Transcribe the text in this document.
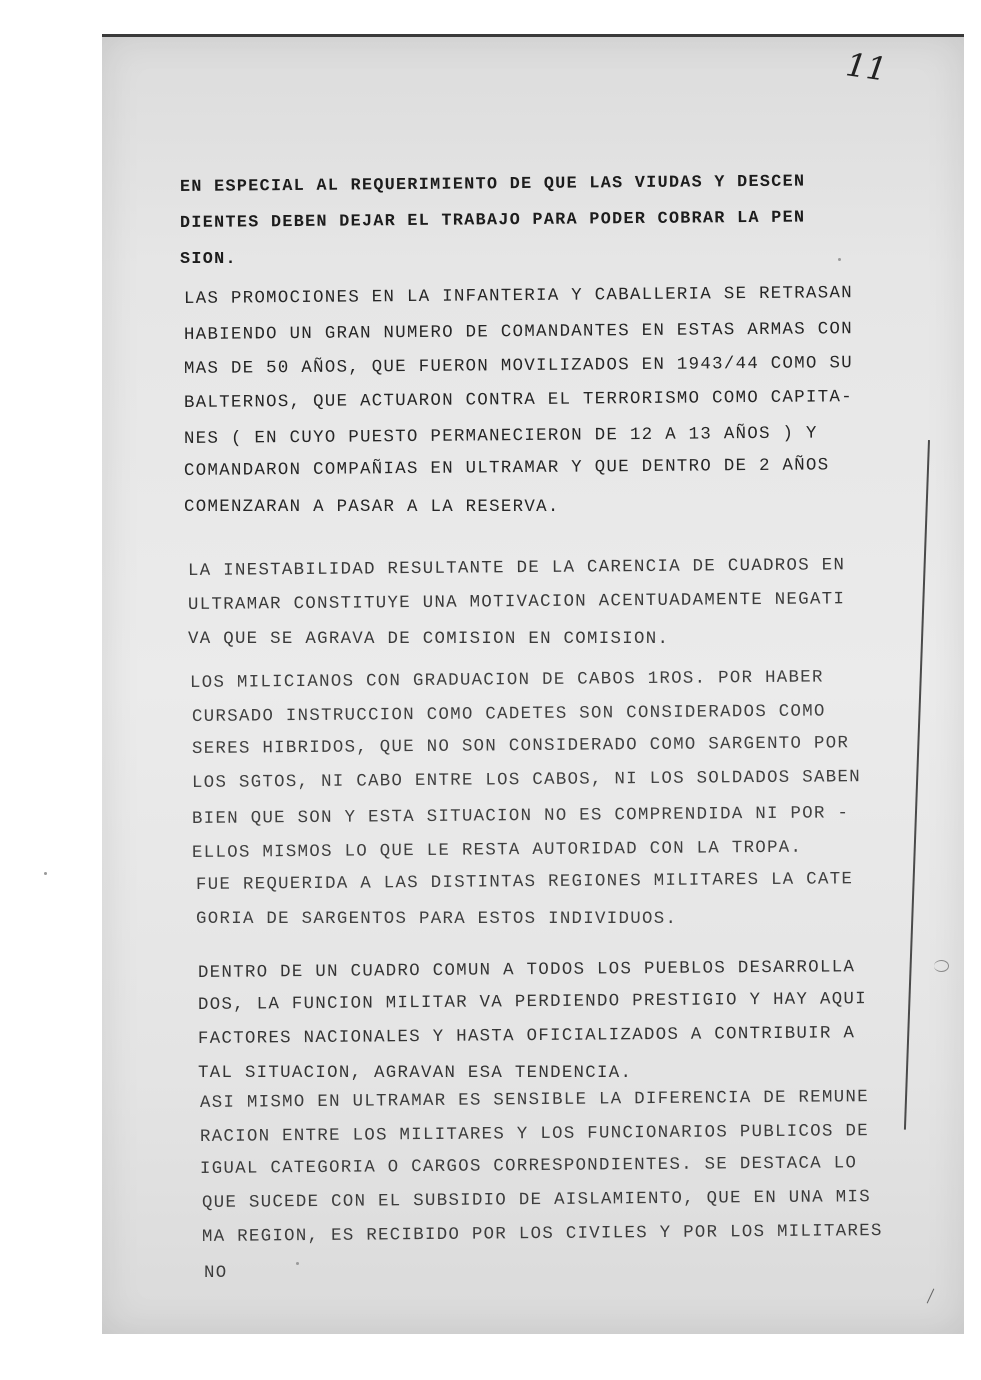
11
EN ESPECIAL AL REQUERIMIENTO DE QUE LAS VIUDAS Y DESCEN
DIENTES DEBEN DEJAR EL TRABAJO PARA PODER COBRAR LA PEN
SION.
LAS PROMOCIONES EN LA INFANTERIA Y CABALLERIA SE RETRASAN
HABIENDO UN GRAN NUMERO DE COMANDANTES EN ESTAS ARMAS CON
MAS DE 50 AÑOS, QUE FUERON MOVILIZADOS EN 1943/44 COMO SU
BALTERNOS, QUE ACTUARON CONTRA EL TERRORISMO COMO CAPITA-
NES ( EN CUYO PUESTO PERMANECIERON DE 12 A 13 AÑOS ) Y
COMANDARON COMPAÑIAS EN ULTRAMAR Y QUE DENTRO DE 2 AÑOS
COMENZARAN A PASAR A LA RESERVA.
LA INESTABILIDAD RESULTANTE DE LA CARENCIA DE CUADROS EN
ULTRAMAR CONSTITUYE UNA MOTIVACION ACENTUADAMENTE NEGATI
VA QUE SE AGRAVA DE COMISION EN COMISION.
LOS MILICIANOS CON GRADUACION DE CABOS 1ROS. POR HABER
CURSADO INSTRUCCION COMO CADETES SON CONSIDERADOS COMO
SERES HIBRIDOS, QUE NO SON CONSIDERADO COMO SARGENTO POR
LOS SGTOS, NI CABO ENTRE LOS CABOS, NI LOS SOLDADOS SABEN
BIEN QUE SON Y ESTA SITUACION NO ES COMPRENDIDA NI POR -
ELLOS MISMOS LO QUE LE RESTA AUTORIDAD CON LA TROPA.
FUE REQUERIDA A LAS DISTINTAS REGIONES MILITARES LA CATE
GORIA DE SARGENTOS PARA ESTOS INDIVIDUOS.
DENTRO DE UN CUADRO COMUN A TODOS LOS PUEBLOS DESARROLLA
DOS, LA FUNCION MILITAR VA PERDIENDO PRESTIGIO Y HAY AQUI
FACTORES NACIONALES Y HASTA OFICIALIZADOS A CONTRIBUIR A
TAL SITUACION, AGRAVAN ESA TENDENCIA.
ASI MISMO EN ULTRAMAR ES SENSIBLE LA DIFERENCIA DE REMUNE
RACION ENTRE LOS MILITARES Y LOS FUNCIONARIOS PUBLICOS DE
IGUAL CATEGORIA O CARGOS CORRESPONDIENTES. SE DESTACA LO
QUE SUCEDE CON EL SUBSIDIO DE AISLAMIENTO, QUE EN UNA MIS
MA REGION, ES RECIBIDO POR LOS CIVILES Y POR LOS MILITARES
NO
